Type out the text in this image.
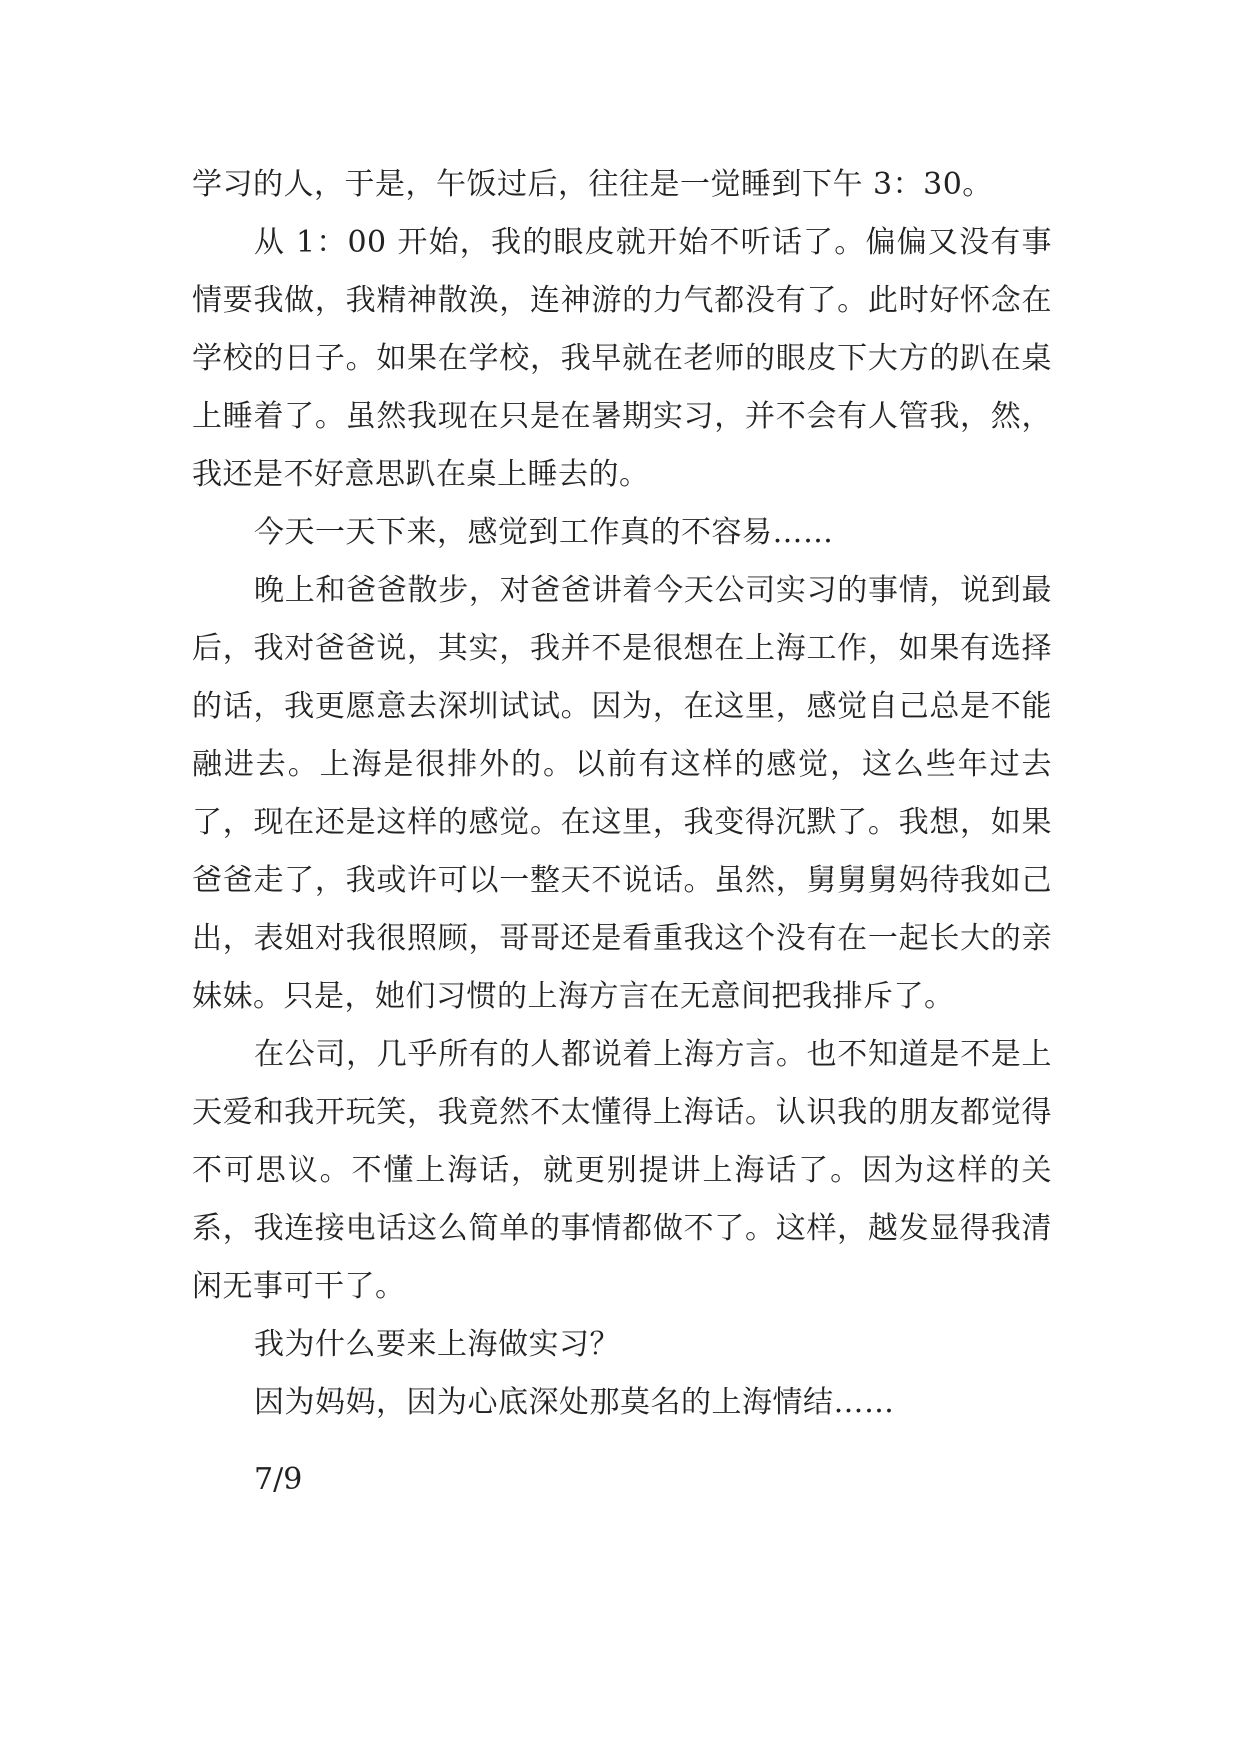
学习的人，于是，午饭过后，往往是一觉睡到下午 3：30。

从 1：00 开始，我的眼皮就开始不听话了。偏偏又没有事情要我做，我精神散涣，连神游的力气都没有了。此时好怀念在学校的日子。如果在学校，我早就在老师的眼皮下大方的趴在桌上睡着了。虽然我现在只是在暑期实习，并不会有人管我，然，我还是不好意思趴在桌上睡去的。

今天一天下来，感觉到工作真的不容易……

晚上和爸爸散步，对爸爸讲着今天公司实习的事情，说到最后，我对爸爸说，其实，我并不是很想在上海工作，如果有选择的话，我更愿意去深圳试试。因为，在这里，感觉自己总是不能融进去。上海是很排外的。以前有这样的感觉，这么些年过去了，现在还是这样的感觉。在这里，我变得沉默了。我想，如果爸爸走了，我或许可以一整天不说话。虽然，舅舅舅妈待我如己出，表姐对我很照顾，哥哥还是看重我这个没有在一起长大的亲妹妹。只是，她们习惯的上海方言在无意间把我排斥了。

在公司，几乎所有的人都说着上海方言。也不知道是不是上天爱和我开玩笑，我竟然不太懂得上海话。认识我的朋友都觉得不可思议。不懂上海话，就更别提讲上海话了。因为这样的关系，我连接电话这么简单的事情都做不了。这样，越发显得我清闲无事可干了。

我为什么要来上海做实习？

因为妈妈，因为心底深处那莫名的上海情结……

7/9
